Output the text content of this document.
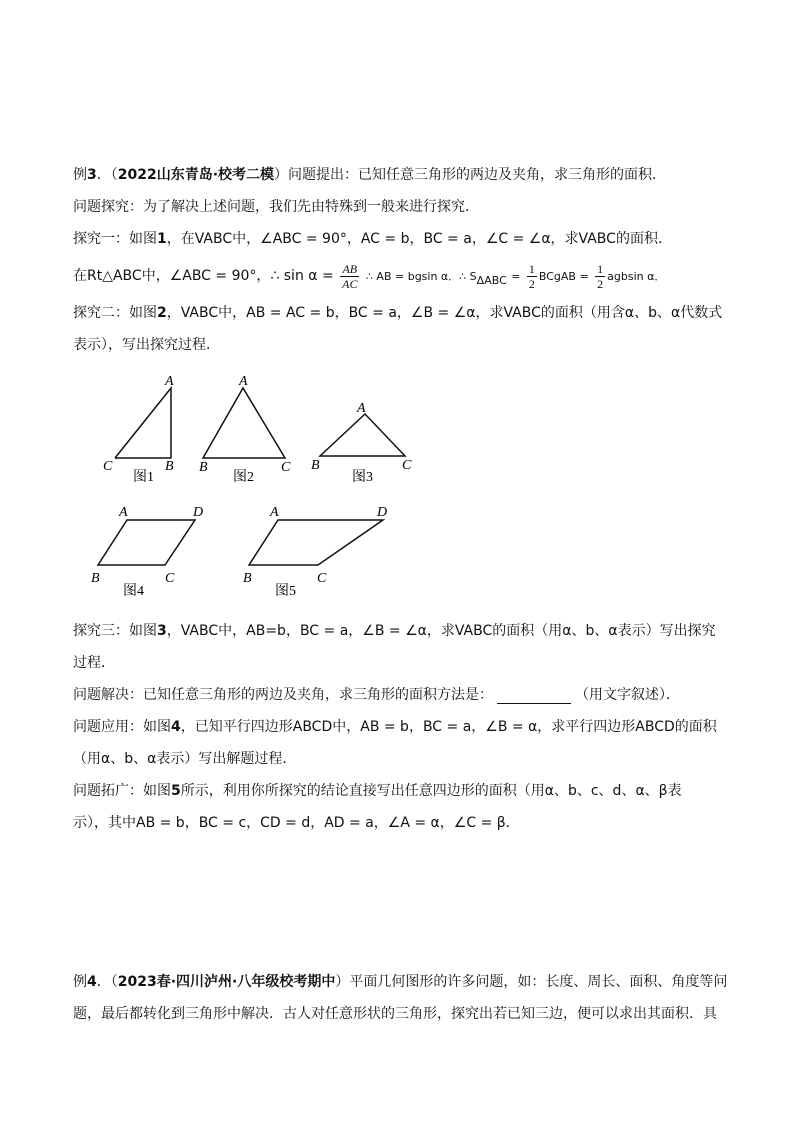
例3．（2022山东青岛·校考二模）问题提出：已知任意三角形的两边及夹角，求三角形的面积．
问题探究：为了解决上述问题，我们先由特殊到一般来进行探究．
探究一：如图1，在VABC中，∠ABC = 90°，AC = b，BC = a，∠C = ∠α，求VABC的面积．
在Rt△ABC中，∠ABC = 90°，∴ $\sin \alpha = \frac{AB}{AC}$ ∴ AB = bgsin α．∴ $S_{\Delta ABC} = \frac{1}{2}$ BCgAB = $\frac{1}{2}$ agbsin α．
探究二：如图2，VABC中，AB = AC = b，BC = a，∠B = ∠α，求VABC的面积（用含α、b、α代数式
表示），写出探究过程．
A
C	B
图1
A
B	C
图2
A
B	C
图3
A	D
B	C
图4
A	D
B	C
图5
探究三：如图3，VABC中，AB=b，BC = a，∠B = ∠α，求VABC的面积（用α、b、α表示）写出探究
过程．
问题解决：已知任意三角形的两边及夹角，求三角形的面积方法是：	（用文字叙述）．
问题应用：如图4，已知平行四边形ABCD中，AB = b，BC = a，∠B = α，求平行四边形ABCD的面积
（用α、b、α表示）写出解题过程．
问题拓广：如图5所示，利用你所探究的结论直接写出任意四边形的面积（用α、b、c、d、α、β表
示），其中AB = b，BC = c，CD = d，AD = a，∠A = α，∠C = β．
例4．（2023春·四川泸州·八年级校考期中）平面几何图形的许多问题，如：长度、周长、面积、角度等问
题，最后都转化到三角形中解决．古人对任意形状的三角形，探究出若已知三边，便可以求出其面积．具
